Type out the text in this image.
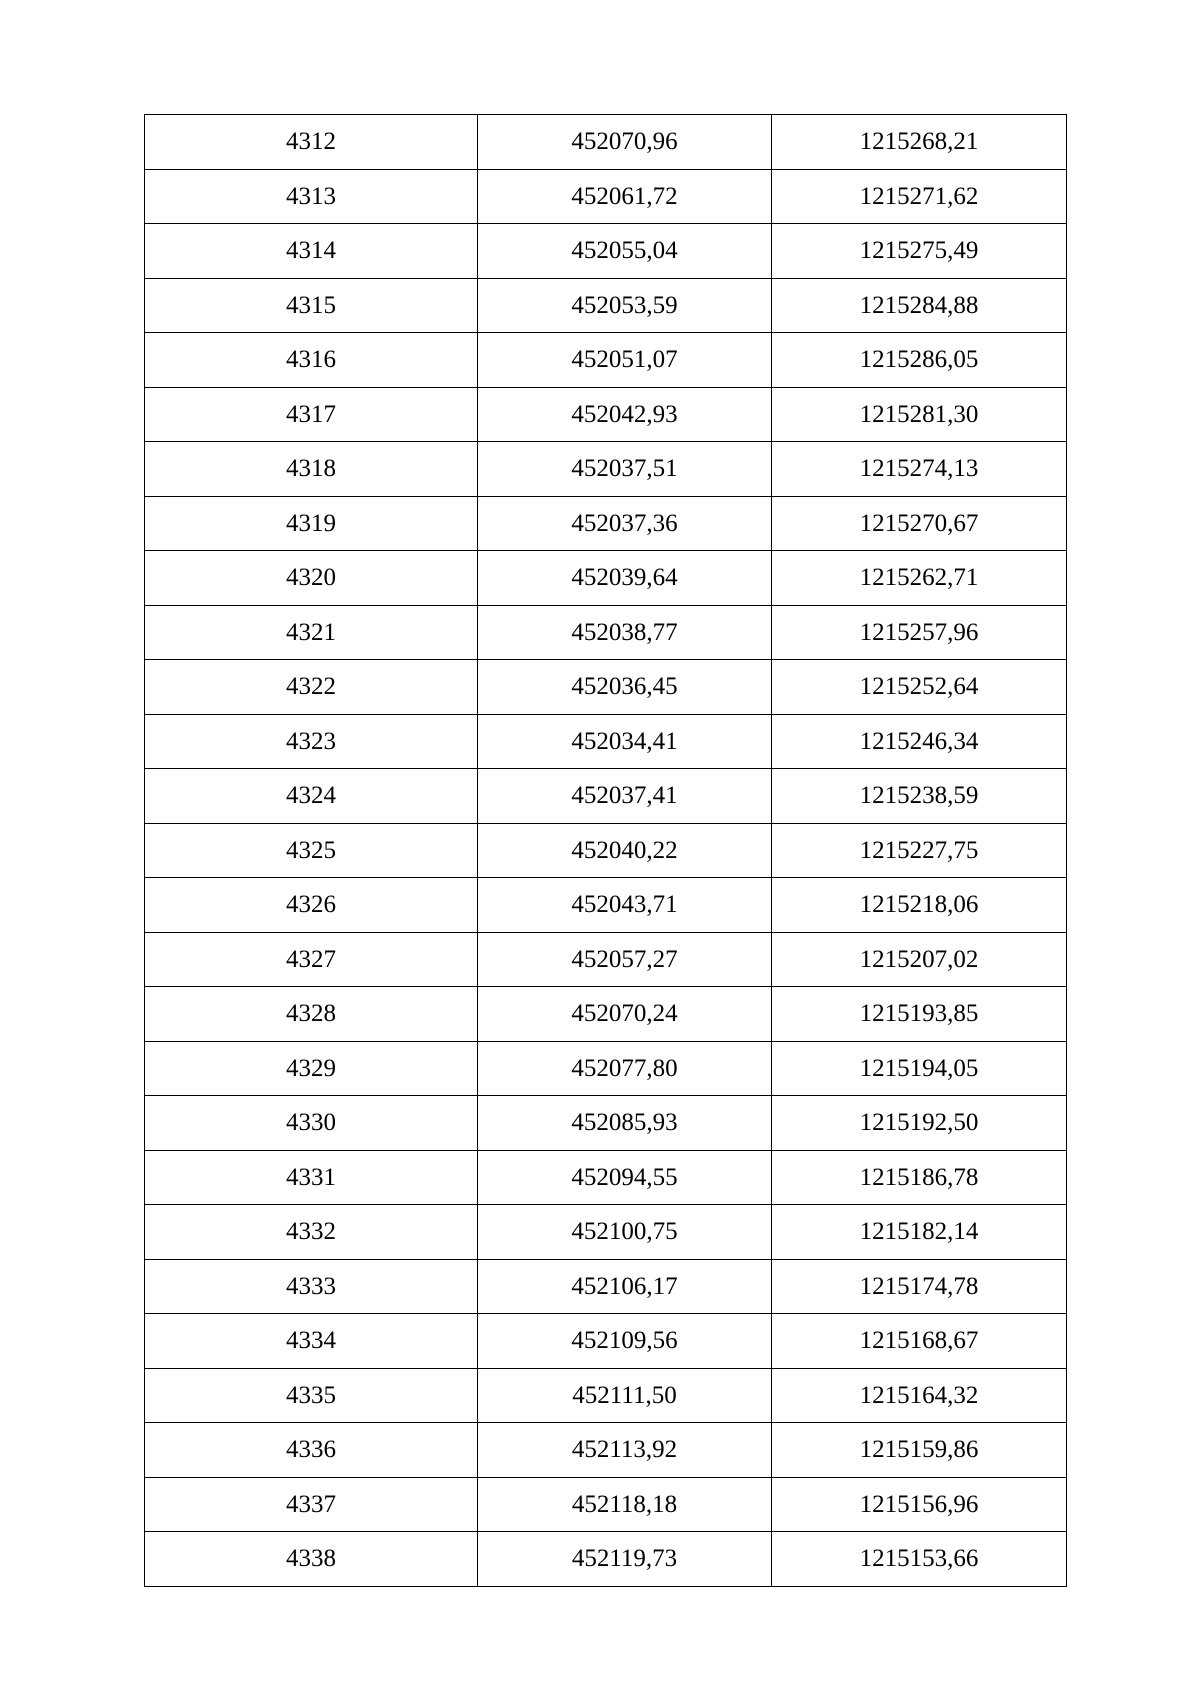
4312	452070,96	1215268,21
4313	452061,72	1215271,62
4314	452055,04	1215275,49
4315	452053,59	1215284,88
4316	452051,07	1215286,05
4317	452042,93	1215281,30
4318	452037,51	1215274,13
4319	452037,36	1215270,67
4320	452039,64	1215262,71
4321	452038,77	1215257,96
4322	452036,45	1215252,64
4323	452034,41	1215246,34
4324	452037,41	1215238,59
4325	452040,22	1215227,75
4326	452043,71	1215218,06
4327	452057,27	1215207,02
4328	452070,24	1215193,85
4329	452077,80	1215194,05
4330	452085,93	1215192,50
4331	452094,55	1215186,78
4332	452100,75	1215182,14
4333	452106,17	1215174,78
4334	452109,56	1215168,67
4335	452111,50	1215164,32
4336	452113,92	1215159,86
4337	452118,18	1215156,96
4338	452119,73	1215153,66
